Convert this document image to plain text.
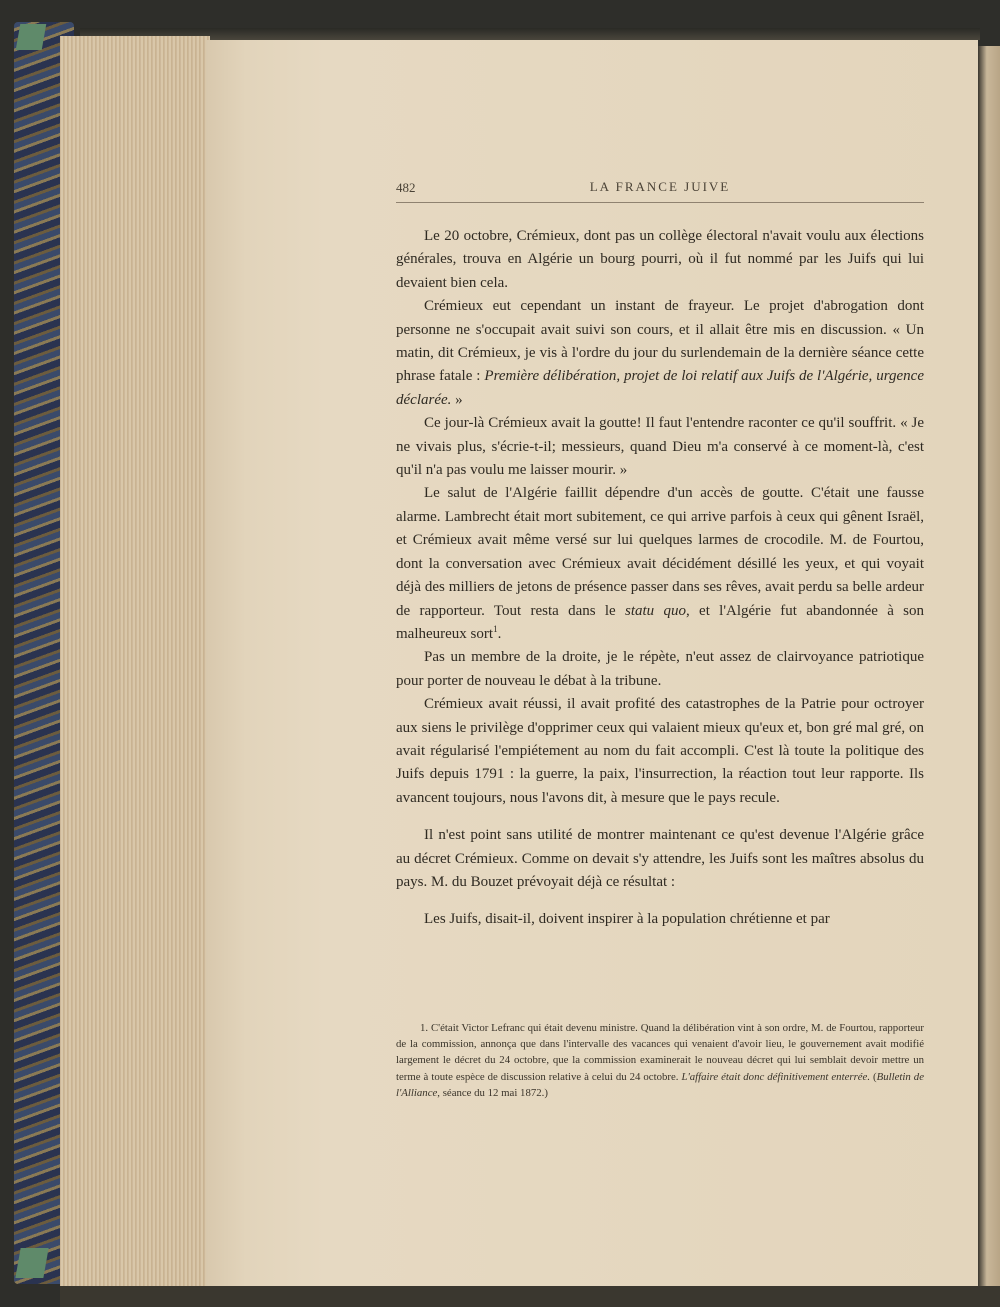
482	LA FRANCE JUIVE

Le 20 octobre, Crémieux, dont pas un collège électoral n'avait voulu aux élections générales, trouva en Algérie un bourg pourri, où il fut nommé par les Juifs qui lui devaient bien cela.

Crémieux eut cependant un instant de frayeur. Le projet d'abrogation dont personne ne s'occupait avait suivi son cours, et il allait être mis en discussion. « Un matin, dit Crémieux, je vis à l'ordre du jour du surlendemain de la dernière séance cette phrase fatale : Première délibération, projet de loi relatif aux Juifs de l'Algérie, urgence déclarée. »

Ce jour-là Crémieux avait la goutte! Il faut l'entendre raconter ce qu'il souffrit. « Je ne vivais plus, s'écrie-t-il; messieurs, quand Dieu m'a conservé à ce moment-là, c'est qu'il n'a pas voulu me laisser mourir. »

Le salut de l'Algérie faillit dépendre d'un accès de goutte. C'était une fausse alarme. Lambrecht était mort subitement, ce qui arrive parfois à ceux qui gênent Israël, et Crémieux avait même versé sur lui quelques larmes de crocodile. M. de Fourtou, dont la conversation avec Crémieux avait décidément désillé les yeux, et qui voyait déjà des milliers de jetons de présence passer dans ses rêves, avait perdu sa belle ardeur de rapporteur. Tout resta dans le statu quo, et l'Algérie fut abandonnée à son malheureux sort$^1$.

Pas un membre de la droite, je le répète, n'eut assez de clairvoyance patriotique pour porter de nouveau le débat à la tribune.

Crémieux avait réussi, il avait profité des catastrophes de la Patrie pour octroyer aux siens le privilège d'opprimer ceux qui valaient mieux qu'eux et, bon gré mal gré, on avait régularisé l'empiétement au nom du fait accompli. C'est là toute la politique des Juifs depuis 1791 : la guerre, la paix, l'insurrection, la réaction tout leur rapporte. Ils avancent toujours, nous l'avons dit, à mesure que le pays recule.

Il n'est point sans utilité de montrer maintenant ce qu'est devenue l'Algérie grâce au décret Crémieux. Comme on devait s'y attendre, les Juifs sont les maîtres absolus du pays. M. du Bouzet prévoyait déjà ce résultat :

Les Juifs, disait-il, doivent inspirer à la population chrétienne et par

1. C'était Victor Lefranc qui était devenu ministre. Quand la délibération vint à son ordre, M. de Fourtou, rapporteur de la commission, annonça que dans l'intervalle des vacances qui venaient d'avoir lieu, le gouvernement avait modifié largement le décret du 24 octobre, que la commission examinerait le nouveau décret qui lui semblait devoir mettre un terme à toute espèce de discussion relative à celui du 24 octobre. L'affaire était donc définitivement enterrée. (Bulletin de l'Alliance, séance du 12 mai 1872.)
